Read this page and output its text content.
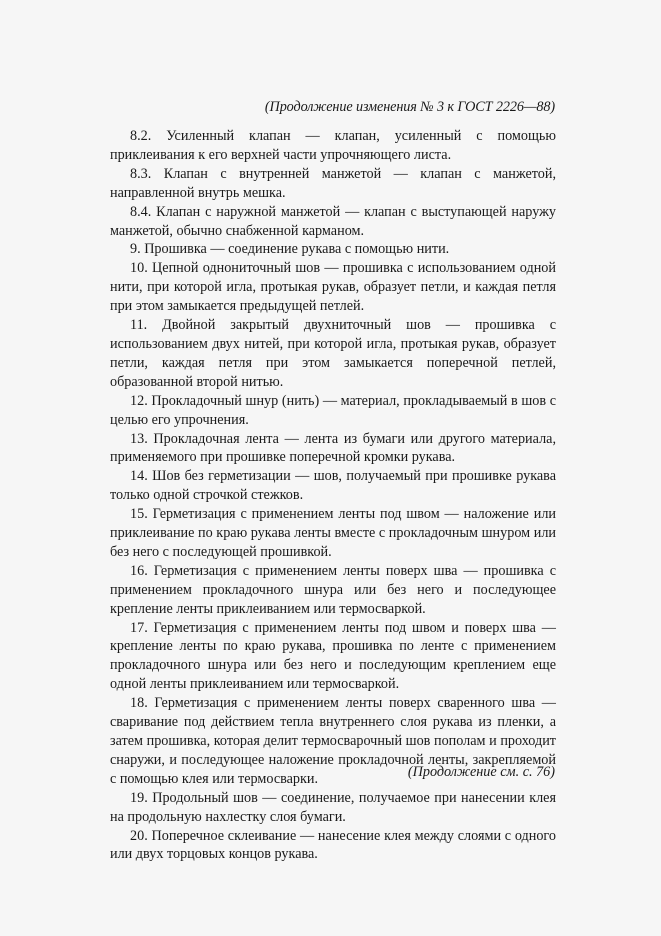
(Продолжение изменения № 3 к ГОСТ 2226—88)

8.2. Усиленный клапан — клапан, усиленный с помощью приклеивания к его верхней части упрочняющего листа.

8.3. Клапан с внутренней манжетой — клапан с манжетой, направленной внутрь мешка.

8.4. Клапан с наружной манжетой — клапан с выступающей наружу манжетой, обычно снабженной карманом.

9. Прошивка — соединение рукава с помощью нити.

10. Цепной однониточный шов — прошивка с использованием одной нити, при которой игла, протыкая рукав, образует петли, и каждая петля при этом замыкается предыдущей петлей.

11. Двойной закрытый двухниточный шов — прошивка с использованием двух нитей, при которой игла, протыкая рукав, образует петли, каждая петля при этом замыкается поперечной петлей, образованной второй нитью.

12. Прокладочный шнур (нить) — материал, прокладываемый в шов с целью его упрочнения.

13. Прокладочная лента — лента из бумаги или другого материала, применяемого при прошивке поперечной кромки рукава.

14. Шов без герметизации — шов, получаемый при прошивке рукава только одной строчкой стежков.

15. Герметизация с применением ленты под швом — наложение или приклеивание по краю рукава ленты вместе с прокладочным шнуром или без него с последующей прошивкой.

16. Герметизация с применением ленты поверх шва — прошивка с применением прокладочного шнура или без него и последующее крепление ленты приклеиванием или термосваркой.

17. Герметизация с применением ленты под швом и поверх шва — крепление ленты по краю рукава, прошивка по ленте с применением прокладочного шнура или без него и последующим креплением еще одной ленты приклеиванием или термосваркой.

18. Герметизация с применением ленты поверх сваренного шва — сваривание под действием тепла внутреннего слоя рукава из пленки, а затем прошивка, которая делит термосварочный шов пополам и проходит снаружи, и последующее наложение прокладочной ленты, закрепляемой с помощью клея или термосварки.

19. Продольный шов — соединение, получаемое при нанесении клея на продольную нахлестку слоя бумаги.

20. Поперечное склеивание — нанесение клея между слоями с одного или двух торцовых концов рукава.

(Продолжение см. с. 76)
